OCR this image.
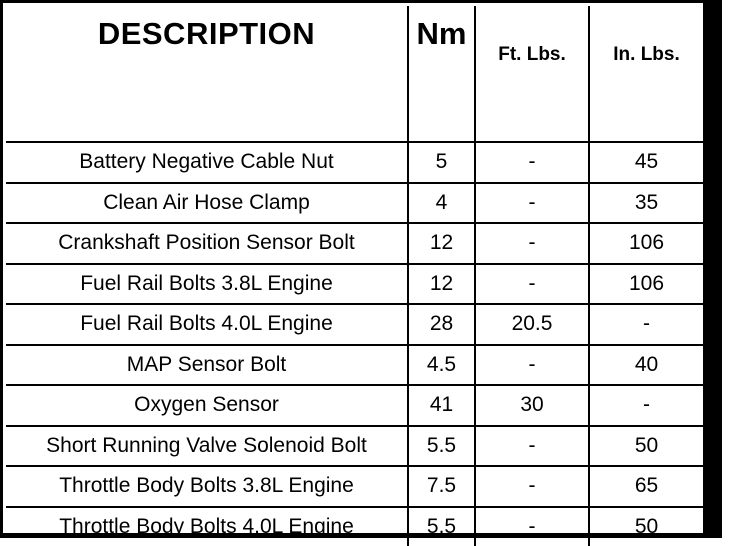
DESCRIPTION	Nm	Ft. Lbs.	In. Lbs.
Battery Negative Cable Nut	5	-	45
Clean Air Hose Clamp	4	-	35
Crankshaft Position Sensor Bolt	12	-	106
Fuel Rail Bolts 3.8L Engine	12	-	106
Fuel Rail Bolts 4.0L Engine	28	20.5	-
MAP Sensor Bolt	4.5	-	40
Oxygen Sensor	41	30	-
Short Running Valve Solenoid Bolt	5.5	-	50
Throttle Body Bolts 3.8L Engine	7.5	-	65
Throttle Body Bolts 4.0L Engine	5.5	-	50
